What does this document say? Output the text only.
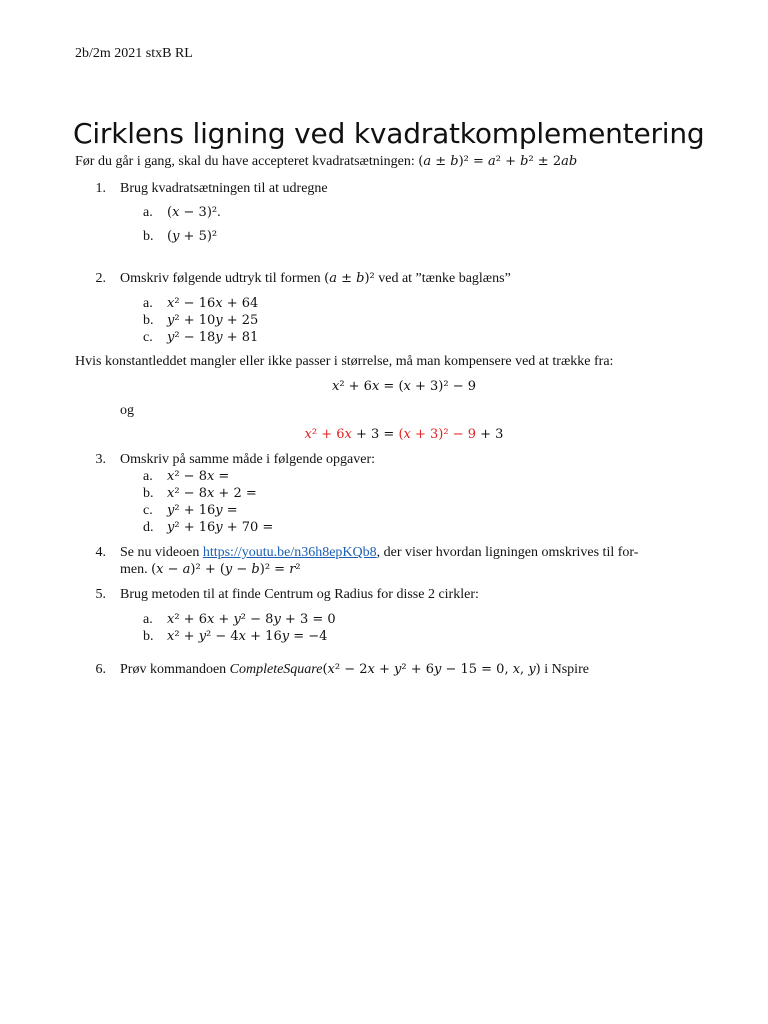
2b/2m 2021 stxB RL
Cirklens ligning ved kvadratkomplementering
Før du går i gang, skal du have accepteret kvadratsætningen: (𝑎 ± 𝑏)² = 𝑎² + 𝑏² ± 2𝑎𝑏
1. Brug kvadratsætningen til at udregne
a.	(𝑥 − 3)².
b. (𝑦 + 5)²
2. Omskriv følgende udtryk til formen (𝑎 ± 𝑏)² ved at ”tænke baglæns”
a.	𝑥² − 16𝑥 + 64
b. 𝑦² + 10𝑦 + 25
c.	𝑦² − 18𝑦 + 81
Hvis konstantleddet mangler eller ikke passer i størrelse, må man kompensere ved at trække fra:
𝑥² + 6𝑥 = (𝑥 + 3)² − 9
og
𝑥² + 6𝑥 + 3 = (𝑥 + 3)² − 9 + 3
3. Omskriv på samme måde i følgende opgaver:
a.	𝑥² − 8𝑥 =
b. 𝑥² − 8𝑥 + 2 =
c.	𝑦² + 16𝑦 =
d. 𝑦² + 16𝑦 + 70 =
4. Se nu videoen https://youtu.be/n36h8epKQb8, der viser hvordan ligningen omskrives til for-
men. (𝑥 − 𝑎)² + (𝑦 − 𝑏)² = 𝑟²
5. Brug metoden til at finde Centrum og Radius for disse 2 cirkler:
a.	𝑥² + 6𝑥 + 𝑦² − 8𝑦 + 3 = 0
b. 𝑥² + 𝑦² − 4𝑥 + 16𝑦 = −4
6. Prøv kommandoen CompleteSquare(𝑥² − 2𝑥 + 𝑦² + 6𝑦 − 15 = 0, 𝑥, 𝑦) i Nspire
